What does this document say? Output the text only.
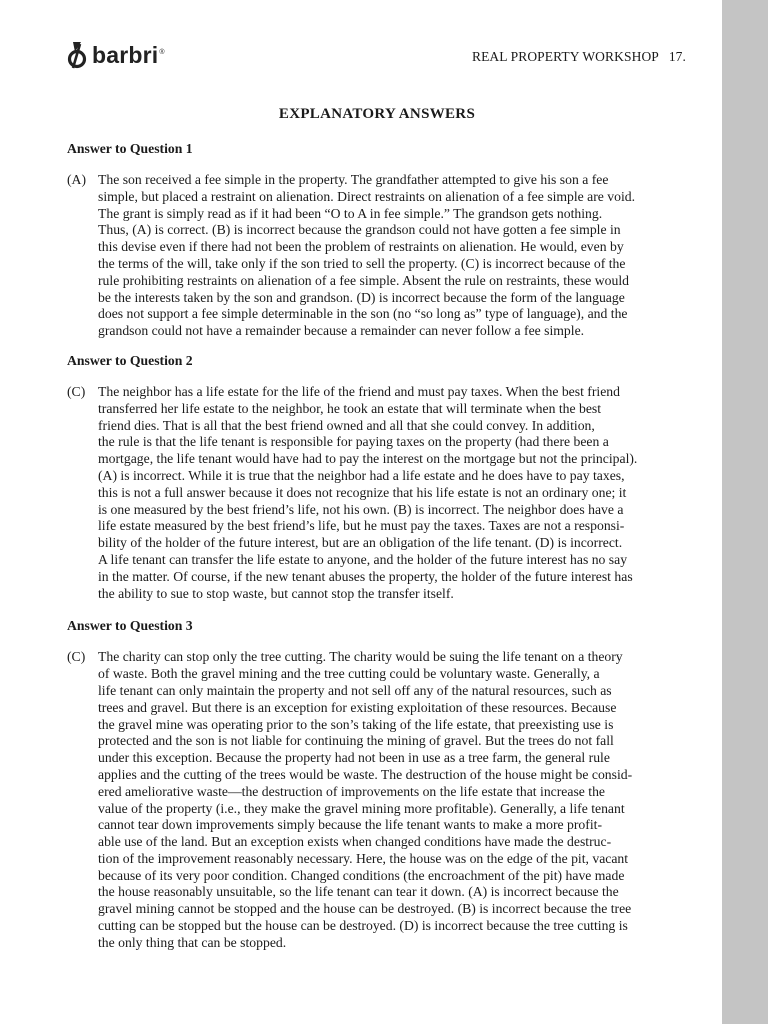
barbri®	REAL PROPERTY WORKSHOP   17.
EXPLANATORY ANSWERS
Answer to Question 1
(A) The son received a fee simple in the property. The grandfather attempted to give his son a fee
simple, but placed a restraint on alienation. Direct restraints on alienation of a fee simple are void.
The grant is simply read as if it had been “O to A in fee simple.” The grandson gets nothing.
Thus, (A) is correct. (B) is incorrect because the grandson could not have gotten a fee simple in
this devise even if there had not been the problem of restraints on alienation. He would, even by
the terms of the will, take only if the son tried to sell the property. (C) is incorrect because of the
rule prohibiting restraints on alienation of a fee simple. Absent the rule on restraints, these would
be the interests taken by the son and grandson. (D) is incorrect because the form of the language
does not support a fee simple determinable in the son (no “so long as” type of language), and the
grandson could not have a remainder because a remainder can never follow a fee simple.
Answer to Question 2
(C) The neighbor has a life estate for the life of the friend and must pay taxes. When the best friend
transferred her life estate to the neighbor, he took an estate that will terminate when the best
friend dies. That is all that the best friend owned and all that she could convey. In addition,
the rule is that the life tenant is responsible for paying taxes on the property (had there been a
mortgage, the life tenant would have had to pay the interest on the mortgage but not the principal).
(A) is incorrect. While it is true that the neighbor had a life estate and he does have to pay taxes,
this is not a full answer because it does not recognize that his life estate is not an ordinary one; it
is one measured by the best friend’s life, not his own. (B) is incorrect. The neighbor does have a
life estate measured by the best friend’s life, but he must pay the taxes. Taxes are not a responsi-
bility of the holder of the future interest, but are an obligation of the life tenant. (D) is incorrect.
A life tenant can transfer the life estate to anyone, and the holder of the future interest has no say
in the matter. Of course, if the new tenant abuses the property, the holder of the future interest has
the ability to sue to stop waste, but cannot stop the transfer itself.
Answer to Question 3
(C) The charity can stop only the tree cutting. The charity would be suing the life tenant on a theory
of waste. Both the gravel mining and the tree cutting could be voluntary waste. Generally, a
life tenant can only maintain the property and not sell off any of the natural resources, such as
trees and gravel. But there is an exception for existing exploitation of these resources. Because
the gravel mine was operating prior to the son’s taking of the life estate, that preexisting use is
protected and the son is not liable for continuing the mining of gravel. But the trees do not fall
under this exception. Because the property had not been in use as a tree farm, the general rule
applies and the cutting of the trees would be waste. The destruction of the house might be consid-
ered ameliorative waste—the destruction of improvements on the life estate that increase the
value of the property (i.e., they make the gravel mining more profitable). Generally, a life tenant
cannot tear down improvements simply because the life tenant wants to make a more profit-
able use of the land. But an exception exists when changed conditions have made the destruc-
tion of the improvement reasonably necessary. Here, the house was on the edge of the pit, vacant
because of its very poor condition. Changed conditions (the encroachment of the pit) have made
the house reasonably unsuitable, so the life tenant can tear it down. (A) is incorrect because the
gravel mining cannot be stopped and the house can be destroyed. (B) is incorrect because the tree
cutting can be stopped but the house can be destroyed. (D) is incorrect because the tree cutting is
the only thing that can be stopped.
